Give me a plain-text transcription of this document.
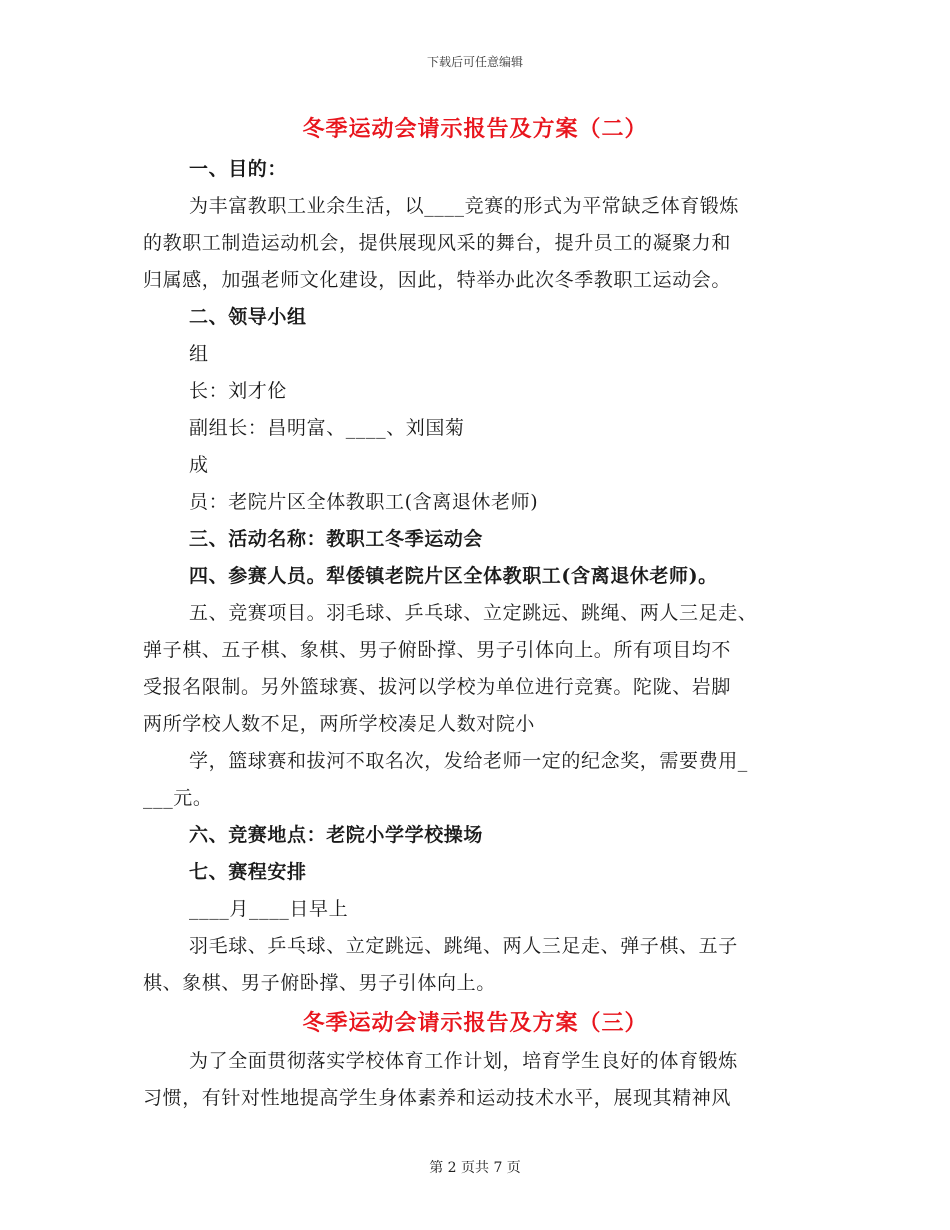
下载后可任意编辑
冬季运动会请示报告及方案（二）
一、目的：
为丰富教职工业余生活，以____竞赛的形式为平常缺乏体育锻炼
的教职工制造运动机会，提供展现风采的舞台，提升员工的凝聚力和
归属感，加强老师文化建设，因此，特举办此次冬季教职工运动会。
二、领导小组
组
长：刘才伦
副组长：昌明富、____、刘国菊
成
员：老院片区全体教职工(含离退休老师)
三、活动名称：教职工冬季运动会
四、参赛人员。犁倭镇老院片区全体教职工(含离退休老师)。
五、竞赛项目。羽毛球、乒乓球、立定跳远、跳绳、两人三足走、
弹子棋、五子棋、象棋、男子俯卧撑、男子引体向上。所有项目均不
受报名限制。另外篮球赛、拔河以学校为单位进行竞赛。陀陇、岩脚
两所学校人数不足，两所学校凑足人数对院小
学，篮球赛和拔河不取名次，发给老师一定的纪念奖，需要费用_
___元。
六、竞赛地点：老院小学学校操场
七、赛程安排
____月____日早上
羽毛球、乒乓球、立定跳远、跳绳、两人三足走、弹子棋、五子
棋、象棋、男子俯卧撑、男子引体向上。
冬季运动会请示报告及方案（三）
为了全面贯彻落实学校体育工作计划，培育学生良好的体育锻炼
习惯，有针对性地提高学生身体素养和运动技术水平，展现其精神风
第 2 页共 7 页
